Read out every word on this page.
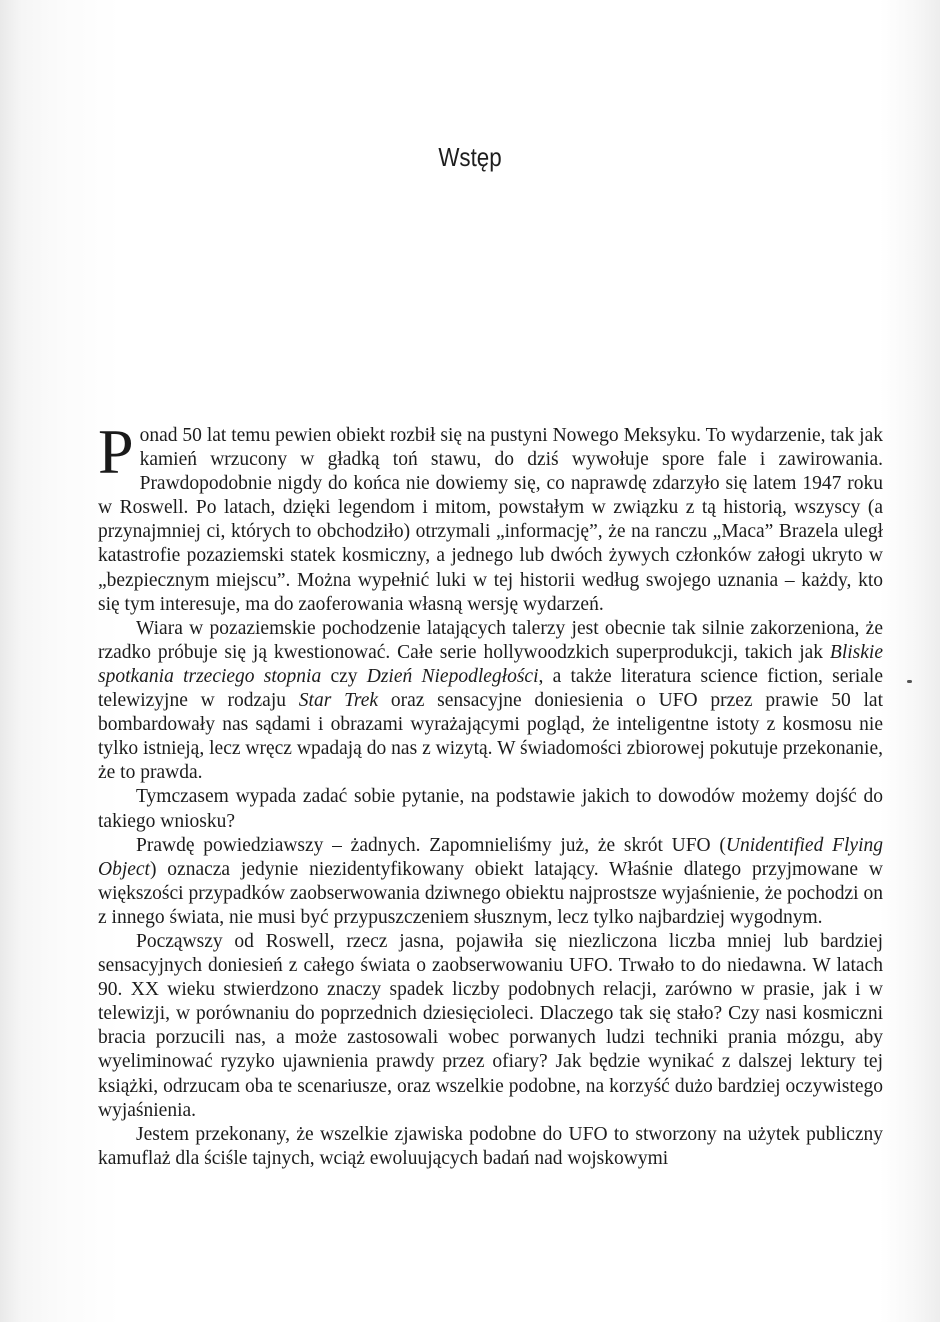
Wstęp

Ponad 50 lat temu pewien obiekt rozbił się na pustyni Nowego Meksyku. To wydarzenie, tak jak kamień wrzucony w gładką toń stawu, do dziś wywołuje spore fale i zawirowania. Prawdopodobnie nigdy do końca nie dowiemy się, co naprawdę zdarzyło się latem 1947 roku w Roswell. Po latach, dzięki legendom i mitom, powstałym w związku z tą historią, wszyscy (a przynajmniej ci, których to obchodziło) otrzymali „informację”, że na ranczu „Maca” Brazela uległ katastrofie pozaziemski statek kosmiczny, a jednego lub dwóch żywych członków załogi ukryto w „bezpiecznym miejscu”. Można wypełnić luki w tej historii według swojego uznania – każdy, kto się tym interesuje, ma do zaoferowania własną wersję wydarzeń.

Wiara w pozaziemskie pochodzenie latających talerzy jest obecnie tak silnie zakorzeniona, że rzadko próbuje się ją kwestionować. Całe serie hollywoodzkich superprodukcji, takich jak Bliskie spotkania trzeciego stopnia czy Dzień Niepodległości, a także literatura science fiction, seriale telewizyjne w rodzaju Star Trek oraz sensacyjne doniesienia o UFO przez prawie 50 lat bombardowały nas sądami i obrazami wyrażającymi pogląd, że inteligentne istoty z kosmosu nie tylko istnieją, lecz wręcz wpadają do nas z wizytą. W świadomości zbiorowej pokutuje przekonanie, że to prawda.

Tymczasem wypada zadać sobie pytanie, na podstawie jakich to dowodów możemy dojść do takiego wniosku?

Prawdę powiedziawszy – żadnych. Zapomnieliśmy już, że skrót UFO (Unidentified Flying Object) oznacza jedynie niezidentyfikowany obiekt latający. Właśnie dlatego przyjmowane w większości przypadków zaobserwowania dziwnego obiektu najprostsze wyjaśnienie, że pochodzi on z innego świata, nie musi być przypuszczeniem słusznym, lecz tylko najbardziej wygodnym.

Począwszy od Roswell, rzecz jasna, pojawiła się niezliczona liczba mniej lub bardziej sensacyjnych doniesień z całego świata o zaobserwowaniu UFO. Trwało to do niedawna. W latach 90. XX wieku stwierdzono znaczy spadek liczby podobnych relacji, zarówno w prasie, jak i w telewizji, w porównaniu do poprzednich dziesięcioleci. Dlaczego tak się stało? Czy nasi kosmiczni bracia porzucili nas, a może zastosowali wobec porwanych ludzi techniki prania mózgu, aby wyeliminować ryzyko ujawnienia prawdy przez ofiary? Jak będzie wynikać z dalszej lektury tej książki, odrzucam oba te scenariusze, oraz wszelkie podobne, na korzyść dużo bardziej oczywistego wyjaśnienia.

Jestem przekonany, że wszelkie zjawiska podobne do UFO to stworzony na użytek publiczny kamuflaż dla ściśle tajnych, wciąż ewoluujących badań nad wojskowymi
